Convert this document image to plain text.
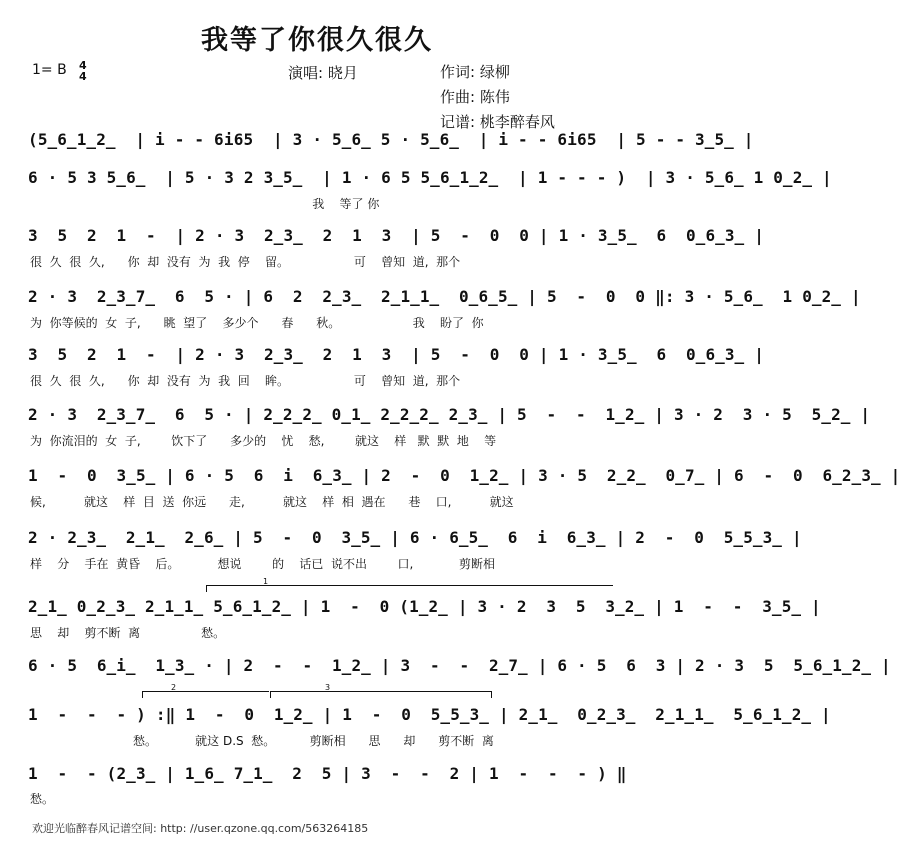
我等了你很久很久
1= B 4
4	演唱: 晓月	作词: 绿柳
作曲: 陈伟
记谱: 桃李醉春风
(5̲6̲1̲2̲  | i - - 6i65  | 3 · 5̲6̲ 5 · 5̲6̲  | i - - 6i65  | 5 - - 3̲5̲ |
6 · 5 3 5̲6̲  | 5 · 3 2 3̲5̲  | 1 · 6 5 5̲6̲1̲2̲  | 1 - - - )  | 3 · 5̲6̲ 1 0̲2̲ |
我    等了 你
3  5  2  1  -  | 2 · 3  2̲3̲  2  1  3  | 5  -  0  0 | 1 · 3̲5̲  6  0̲6̲3̲ |
很  久  很  久,      你  却  没有  为  我  停    留。                 可    曾知  道,  那个
2 · 3  2̲3̲7̲  6  5 · | 6  2  2̲3̲  2̲1̲1̲  0̲6̲5̲ | 5  -  0  0 ‖: 3 · 5̲6̲  1 0̲2̲ |
为  你等候的  女  子,      眺  望了    多少个      春      秋。                   我    盼了  你
3  5  2  1  -  | 2 · 3  2̲3̲  2  1  3  | 5  -  0  0 | 1 · 3̲5̲  6  0̲6̲3̲ |
很  久  很  久,      你  却  没有  为  我  回    眸。                 可    曾知  道,  那个
2 · 3  2̲3̲7̲  6  5 · | 2̲2̲2̲ 0̲1̲ 2̲2̲2̲ 2̲3̲ | 5  -  -  1̲2̲ | 3 · 2  3 · 5  5̲2̲ |
为  你流泪的  女  子,        饮下了      多少的    忧    愁,        就这    样   默  默  地    等
1  -  0  3̲5̲ | 6 · 5  6  i  6̲3̲ | 2  -  0  1̲2̲ | 3 · 5  2̲2̲  0̲7̲ | 6  -  0  6̲2̲3̲ |
候,          就这    样  目  送  你远      走,          就这    样  相  遇在      巷    口,          就这
2 · 2̲3̲  2̲1̲  2̲6̲ | 5  -  0  3̲5̲ | 6 · 6̲5̲  6  i  6̲3̲ | 2  -  0  5̲5̲3̲ |
样    分    手在  黄昏    后。          想说        的    话已  说不出        口,            剪断相
1
2̲1̲ 0̲2̲3̲ 2̲1̲1̲ 5̲6̲1̲2̲ | 1  -  0 (1̲2̲ | 3 · 2  3  5  3̲2̲ | 1  -  -  3̲5̲ |
思    却    剪不断  离                愁。
6 · 5  6̲i̲  1̲3̲ · | 2  -  -  1̲2̲ | 3  -  -  2̲7̲ | 6 · 5  6  3 | 2 · 3  5  5̲6̲1̲2̲ |
2	3
1  -  -  - ) :‖ 1  -  0  1̲2̲ | 1  -  0  5̲5̲3̲ | 2̲1̲  0̲2̲3̲  2̲1̲1̲  5̲6̲1̲2̲ |
愁。          就这 D.S  愁。         剪断相      思      却      剪不断  离
1  -  - (2̲3̲ | 1̲6̲ 7̲1̲  2  5 | 3  -  -  2 | 1  -  -  - ) ‖
愁。
欢迎光临醉春风记谱空间: http: //user.qzone.qq.com/563264185
